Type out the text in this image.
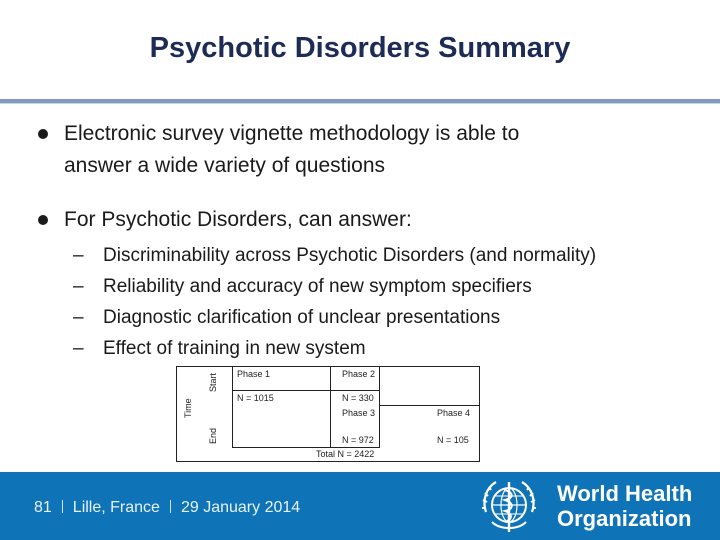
Psychotic Disorders Summary
Electronic survey vignette methodology is able to
answer a wide variety of questions
For Psychotic Disorders, can answer:
– Discriminability across Psychotic Disorders (and normality)
– Reliability and accuracy of new symptom specifiers
– Diagnostic clarification of unclear presentations
– Effect of training in new system
Time
Start
End
Phase 1	Phase 2
N = 1015	N = 330
Phase 3	Phase 4
N = 972	N = 105
Total N = 2422
81 Lille, France 29 January 2014
World Health
Organization
